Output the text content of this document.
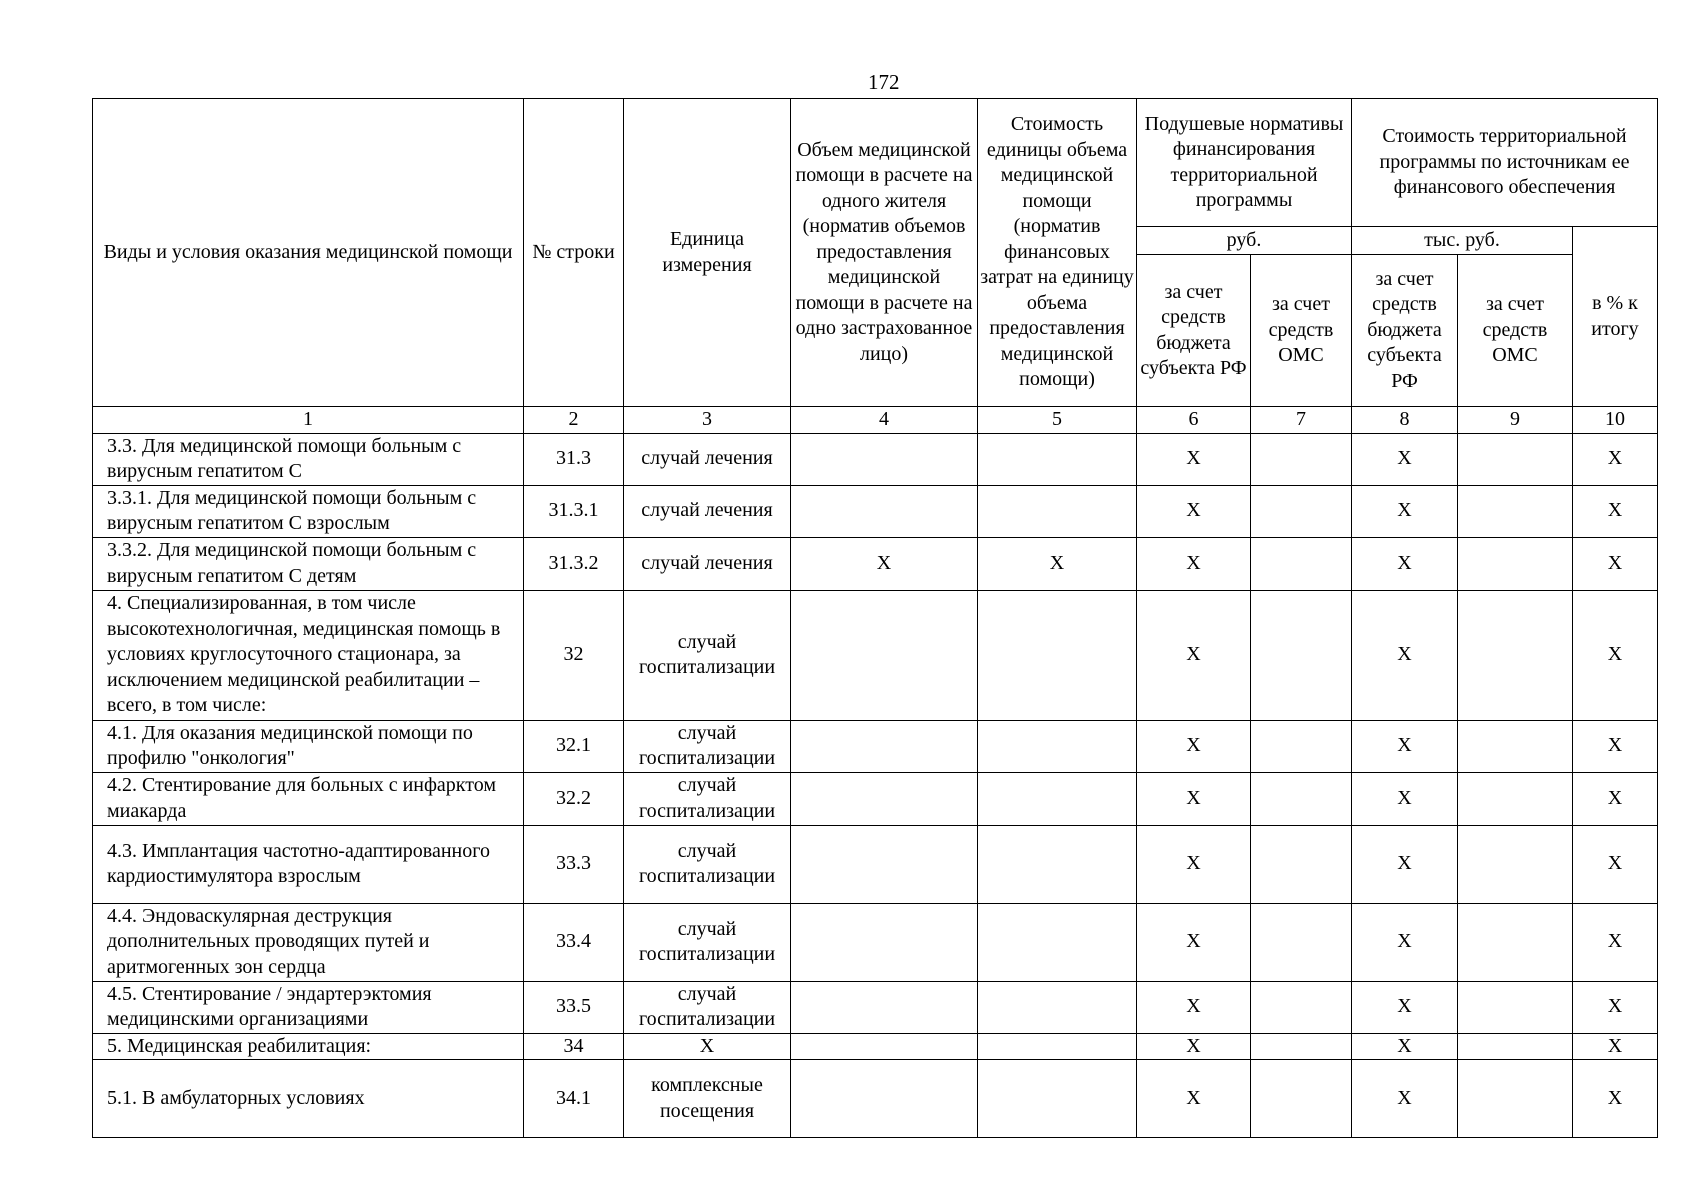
172
Виды и условия оказания медицинской помощи	№ строки	Единица измерения	Объем медицинской помощи в расчете на одного жителя (норматив объемов предоставления медицинской помощи в расчете на одно застрахованное лицо)	Стоимость единицы объема медицинской помощи (норматив финансовых затрат на единицу объема предоставления медицинской помощи)	Подушевые нормативы финансирования территориальной программы		Стоимость территориальной программы по источникам ее финансового обеспечения		
					руб.		тыс. руб.		в % к итогу
					за счет средств бюджета субъекта РФ	за счет средств ОМС	за счет средств бюджета субъекта РФ	за счет средств ОМС	
1	2	3	4	5	6	7	8	9	10
3.3. Для медицинской помощи больным с вирусным гепатитом С	31.3	случай лечения			X		X		X
3.3.1. Для медицинской помощи больным с вирусным гепатитом С взрослым	31.3.1	случай лечения			X		X		X
3.3.2. Для медицинской помощи больным с вирусным гепатитом С детям	31.3.2	случай лечения	X	X	X		X		X
4. Специализированная, в том числе высокотехнологичная, медицинская помощь в условиях круглосуточного стационара, за исключением медицинской реабилитации – всего, в том числе:	32	случай госпитализации			X		X		X
4.1. Для оказания медицинской помощи по профилю "онкология"	32.1	случай госпитализации			X		X		X
4.2. Стентирование для больных с инфарктом миакарда	32.2	случай госпитализации			X		X		X
4.3. Имплантация частотно-адаптированного кардиостимулятора взрослым	33.3	случай госпитализации			X		X		X
4.4. Эндоваскулярная деструкция дополнительных проводящих путей и аритмогенных зон сердца	33.4	случай госпитализации			X		X		X
4.5. Стентирование / эндартерэктомия медицинскими организациями	33.5	случай госпитализации			X		X		X
5. Медицинская реабилитация:	34	X			X		X		X
5.1. В амбулаторных условиях	34.1	комплексные посещения			X		X		X
